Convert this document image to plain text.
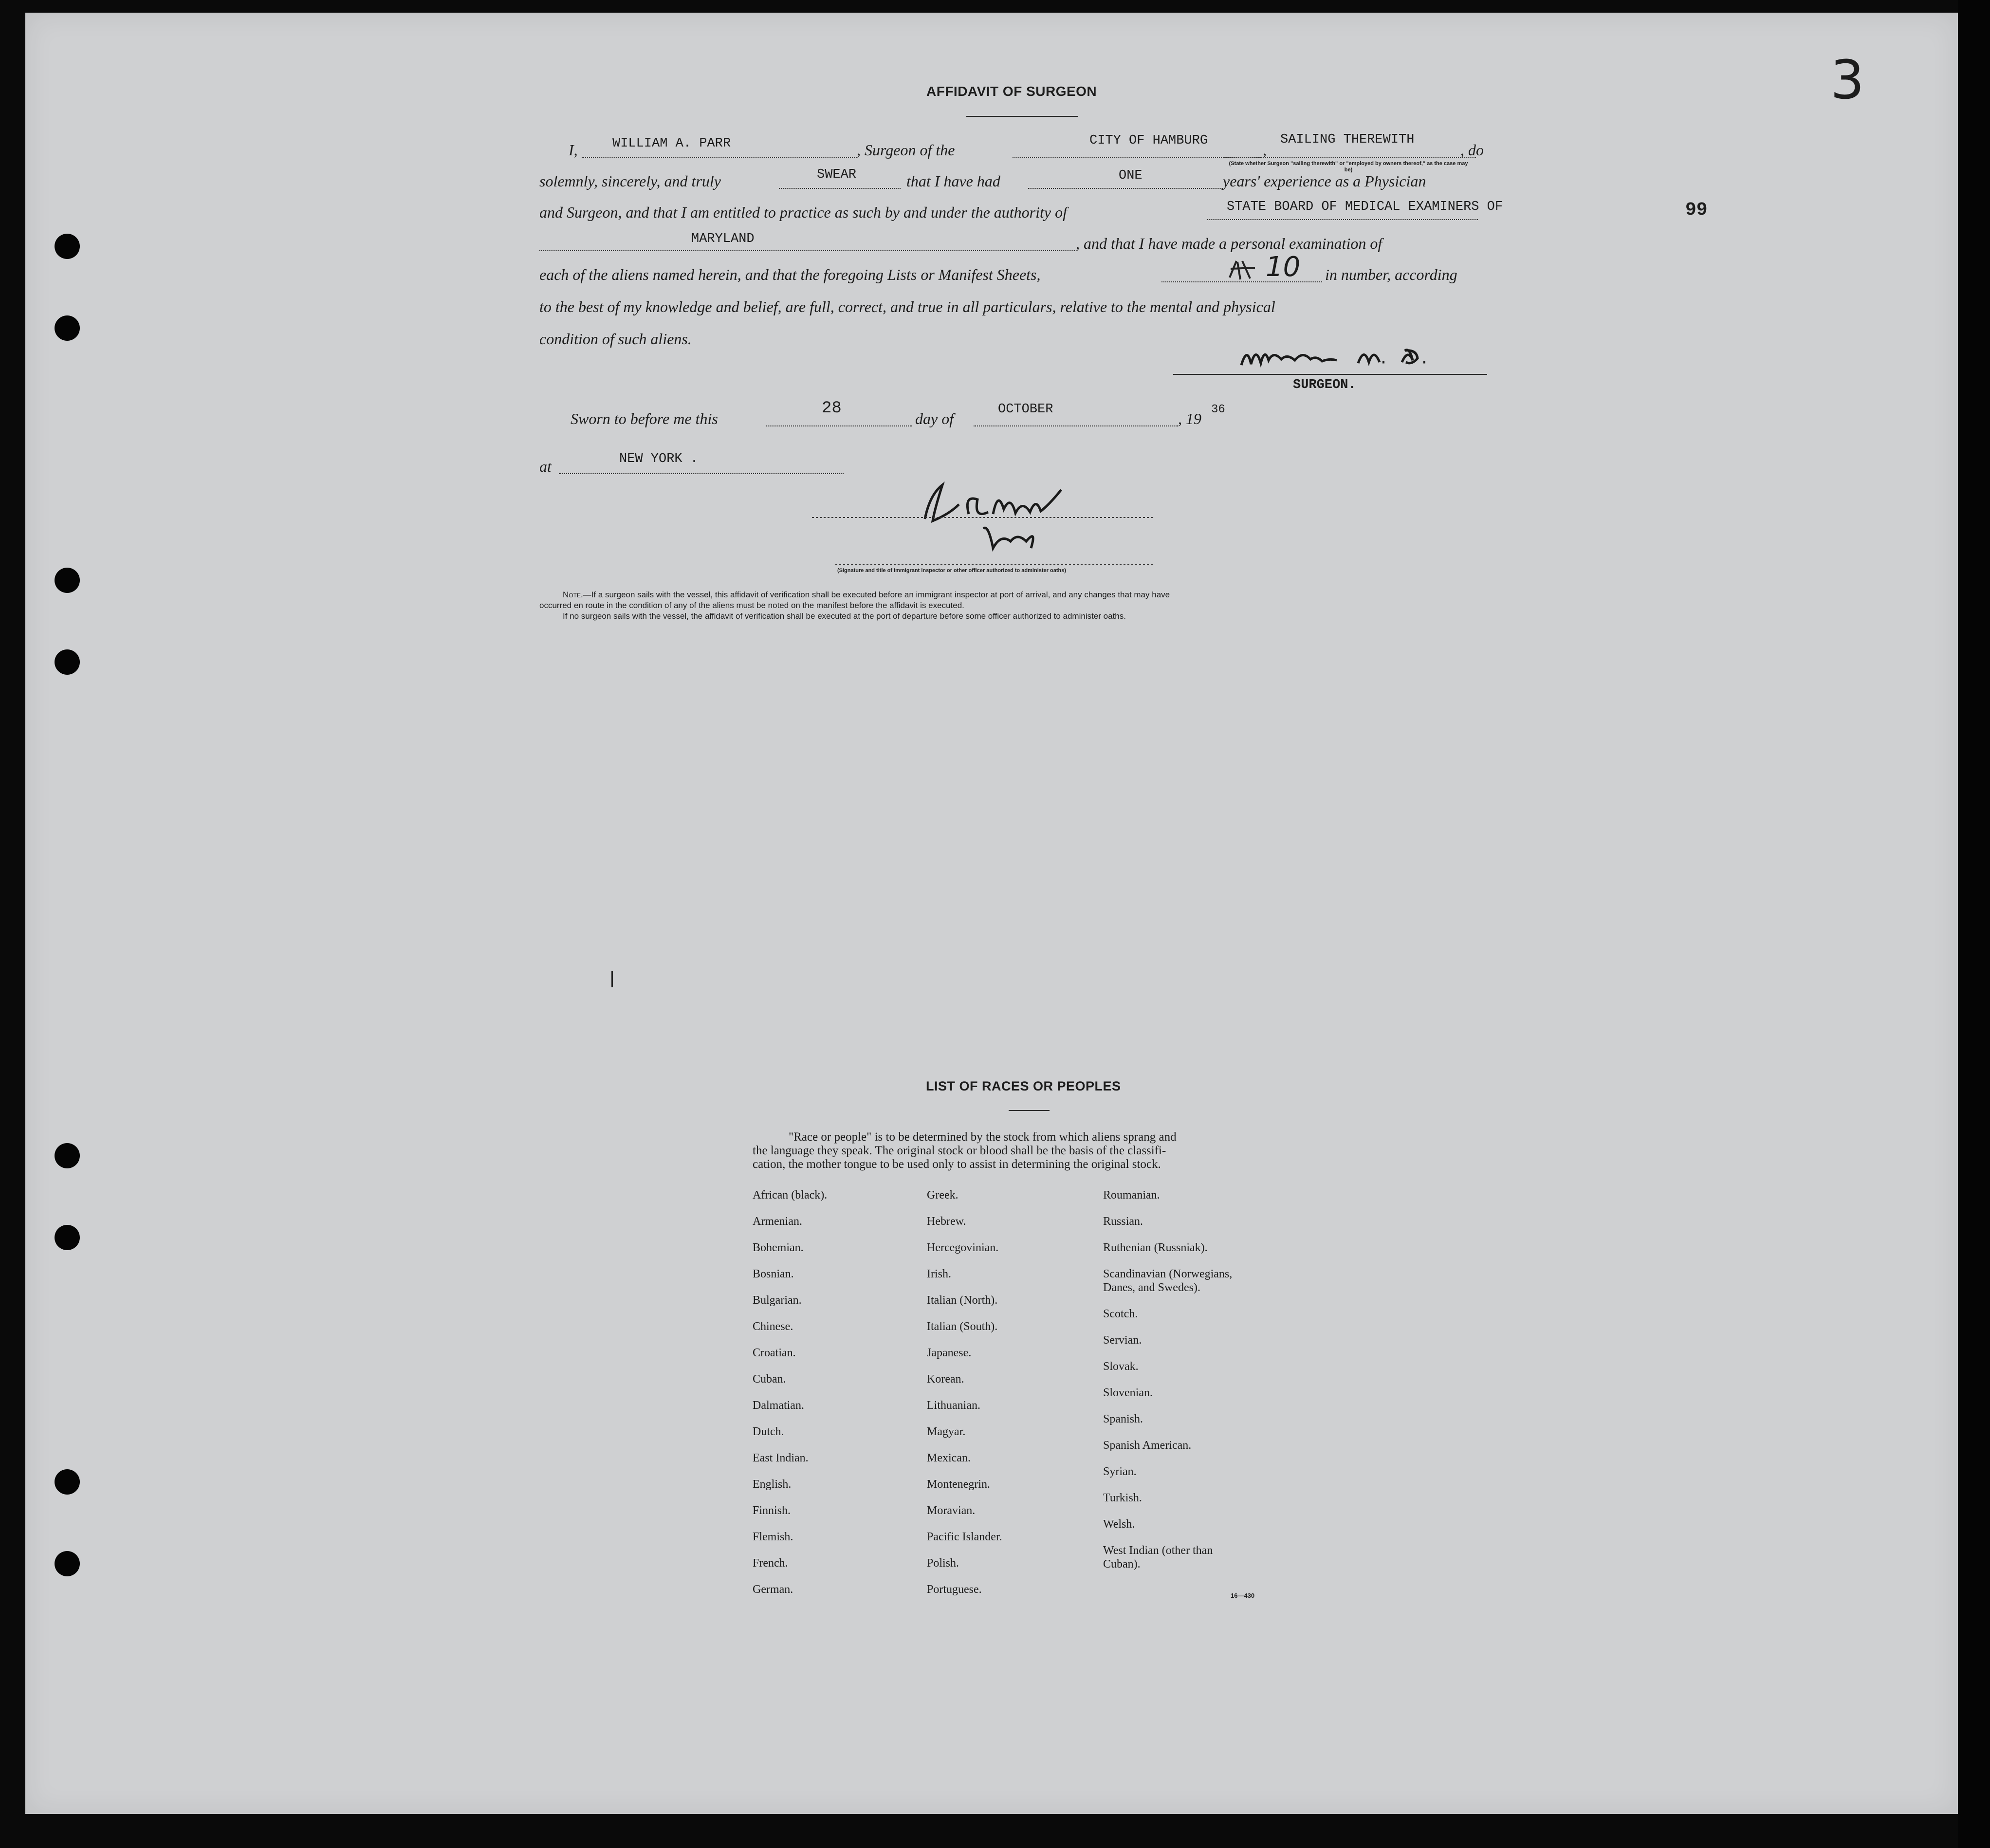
3
99
AFFIDAVIT OF SURGEON
I,	WILLIAM A. PARR	, Surgeon of the
CITY OF HAMBURG
,
SAILING THEREWITH
, do
(State whether Surgeon "sailing therewith" or "employed by owners thereof," as the case may be)
solemnly, sincerely, and truly	SWEAR	that I have had	ONE	years' experience as a Physician
and Surgeon, and that I am entitled to practice as such by and under the authority of	STATE BOARD OF MEDICAL EXAMINERS OF
MARYLAND	, and that I have made a personal examination of
each of the aliens named herein, and that the foregoing Lists or Manifest Sheets,	10 in number, according
to the best of my knowledge and belief, are full, correct, and true in all particulars, relative to the mental and physical
condition of such aliens.
SURGEON.
Sworn to before me this
28
day of
OCTOBER
, 19
36
at	NEW YORK .
(Signature and title of immigrant inspector or other officer authorized to administer oaths)
Note.—If a surgeon sails with the vessel, this affidavit of verification shall be executed before an immigrant inspector at port of arrival, and any changes that may have
occurred en route in the condition of any of the aliens must be noted on the manifest before the affidavit is executed.
If no surgeon sails with the vessel, the affidavit of verification shall be executed at the port of departure before some officer authorized to administer oaths.
LIST OF RACES OR PEOPLES
"Race or people" is to be determined by the stock from which aliens sprang and
the language they speak. The original stock or blood shall be the basis of the classifi-
cation, the mother tongue to be used only to assist in determining the original stock.
African (black).
Armenian.
Bohemian.
Bosnian.
Bulgarian.
Chinese.
Croatian.
Cuban.
Dalmatian.
Dutch.
East Indian.
English.
Finnish.
Flemish.
French.
German.
Greek.
Hebrew.
Hercegovinian.
Irish.
Italian (North).
Italian (South).
Japanese.
Korean.
Lithuanian.
Magyar.
Mexican.
Montenegrin.
Moravian.
Pacific Islander.
Polish.
Portuguese.
Roumanian.
Russian.
Ruthenian (Russniak).
Scandinavian (Norwegians,
Danes, and Swedes).
Scotch.
Servian.
Slovak.
Slovenian.
Spanish.
Spanish American.
Syrian.
Turkish.
Welsh.
West Indian (other than
Cuban).
16—430
